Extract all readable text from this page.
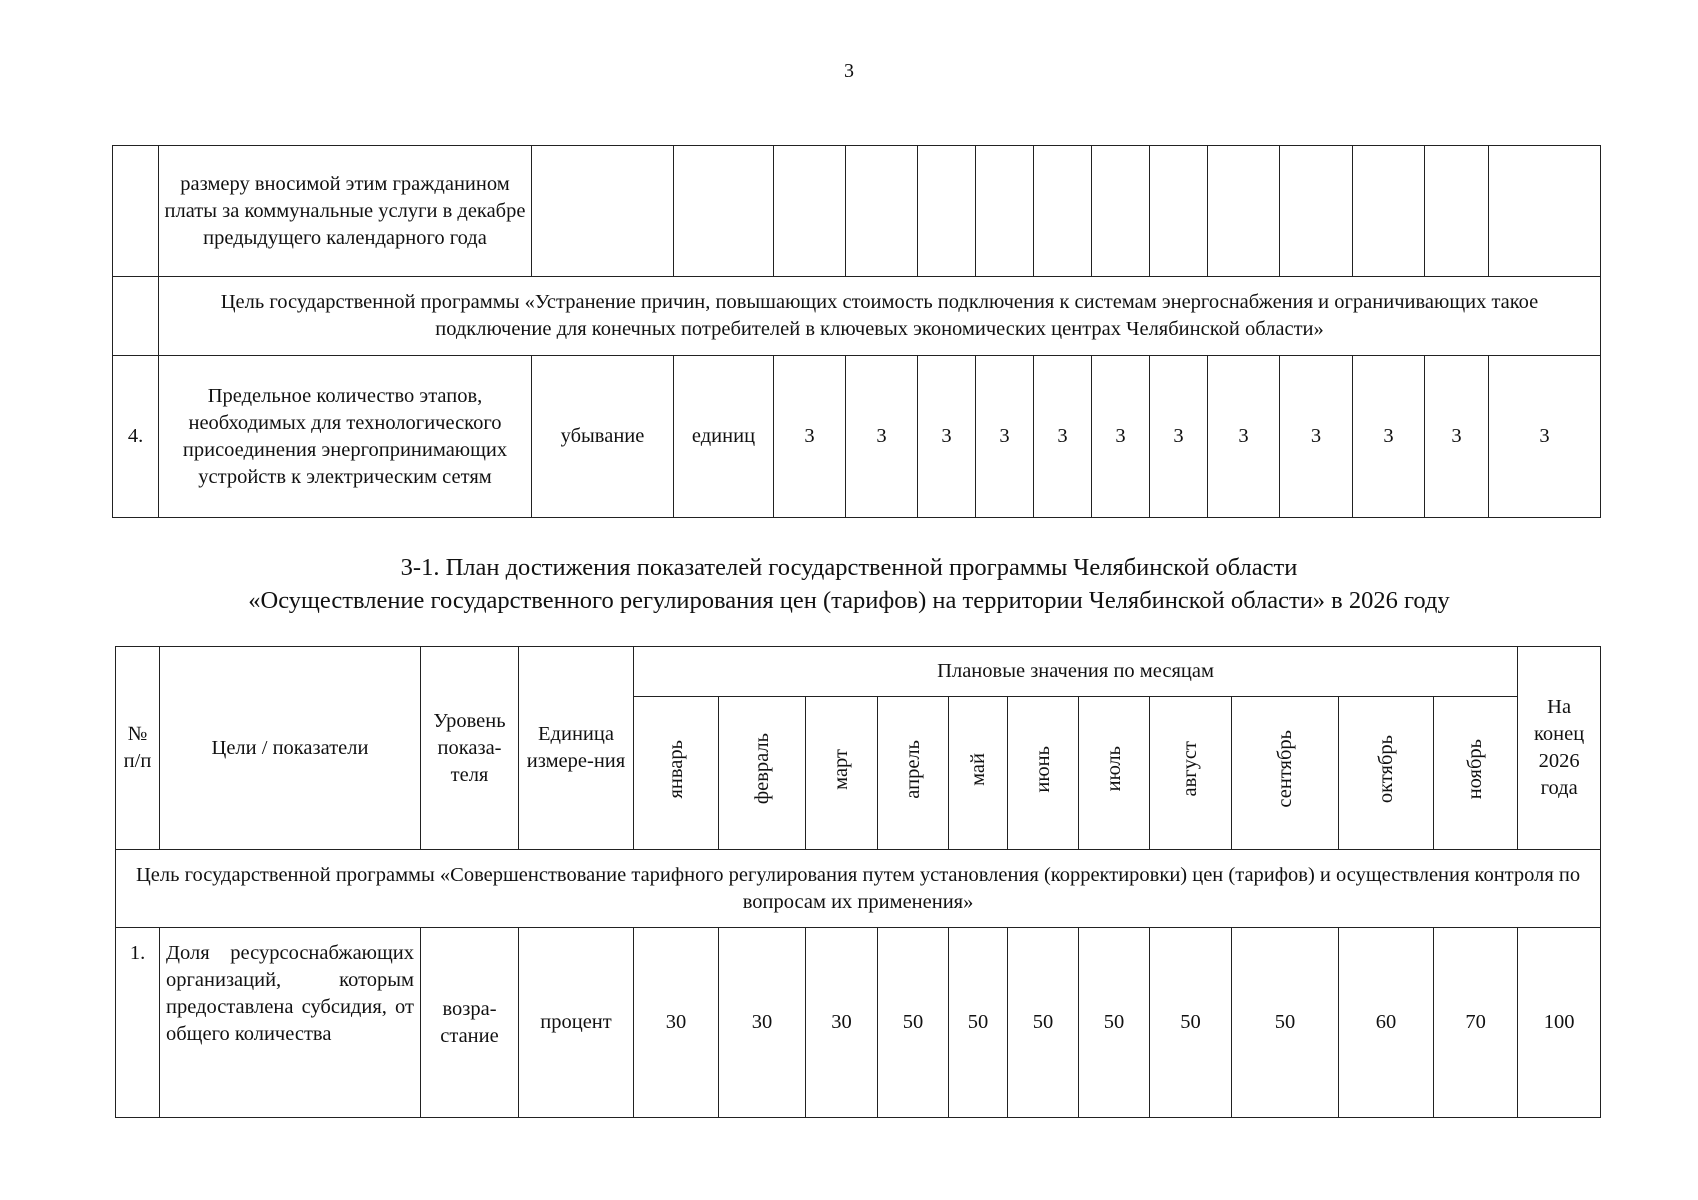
3
	размеру вносимой этим гражданином платы за коммунальные услуги в декабре предыдущего календарного года														
	Цель государственной программы «Устранение причин, повышающих стоимость подключения к системам энергоснабжения и ограничивающих такое подключение для конечных потребителей в ключевых экономических центрах Челябинской области»														
4.	Предельное количество этапов, необходимых для технологического присоединения энергопринимающих устройств к электрическим сетям	убывание	единиц	3	3	3	3	3	3	3	3	3	3	3	3
3-1. План достижения показателей государственной программы Челябинской области
«Осуществление государственного регулирования цен (тарифов) на территории Челябинской области» в 2026 году
№ п/п	Цели / показатели	Уровень показа-теля	Единица измере-ния	Плановые значения по месяцам											На конец 2026 года
				январь	февраль	март	апрель	май	июнь	июль	август	сентябрь	октябрь	ноябрь	
Цель государственной программы «Совершенствование тарифного регулирования путем установления (корректировки) цен (тарифов) и осуществления контроля по вопросам их применения»															
1.	Доля ресурсоснабжающих организаций, которым предоставлена субсидия, от общего количества	возра-стание	процент	30	30	30	50	50	50	50	50	50	60	70	100
